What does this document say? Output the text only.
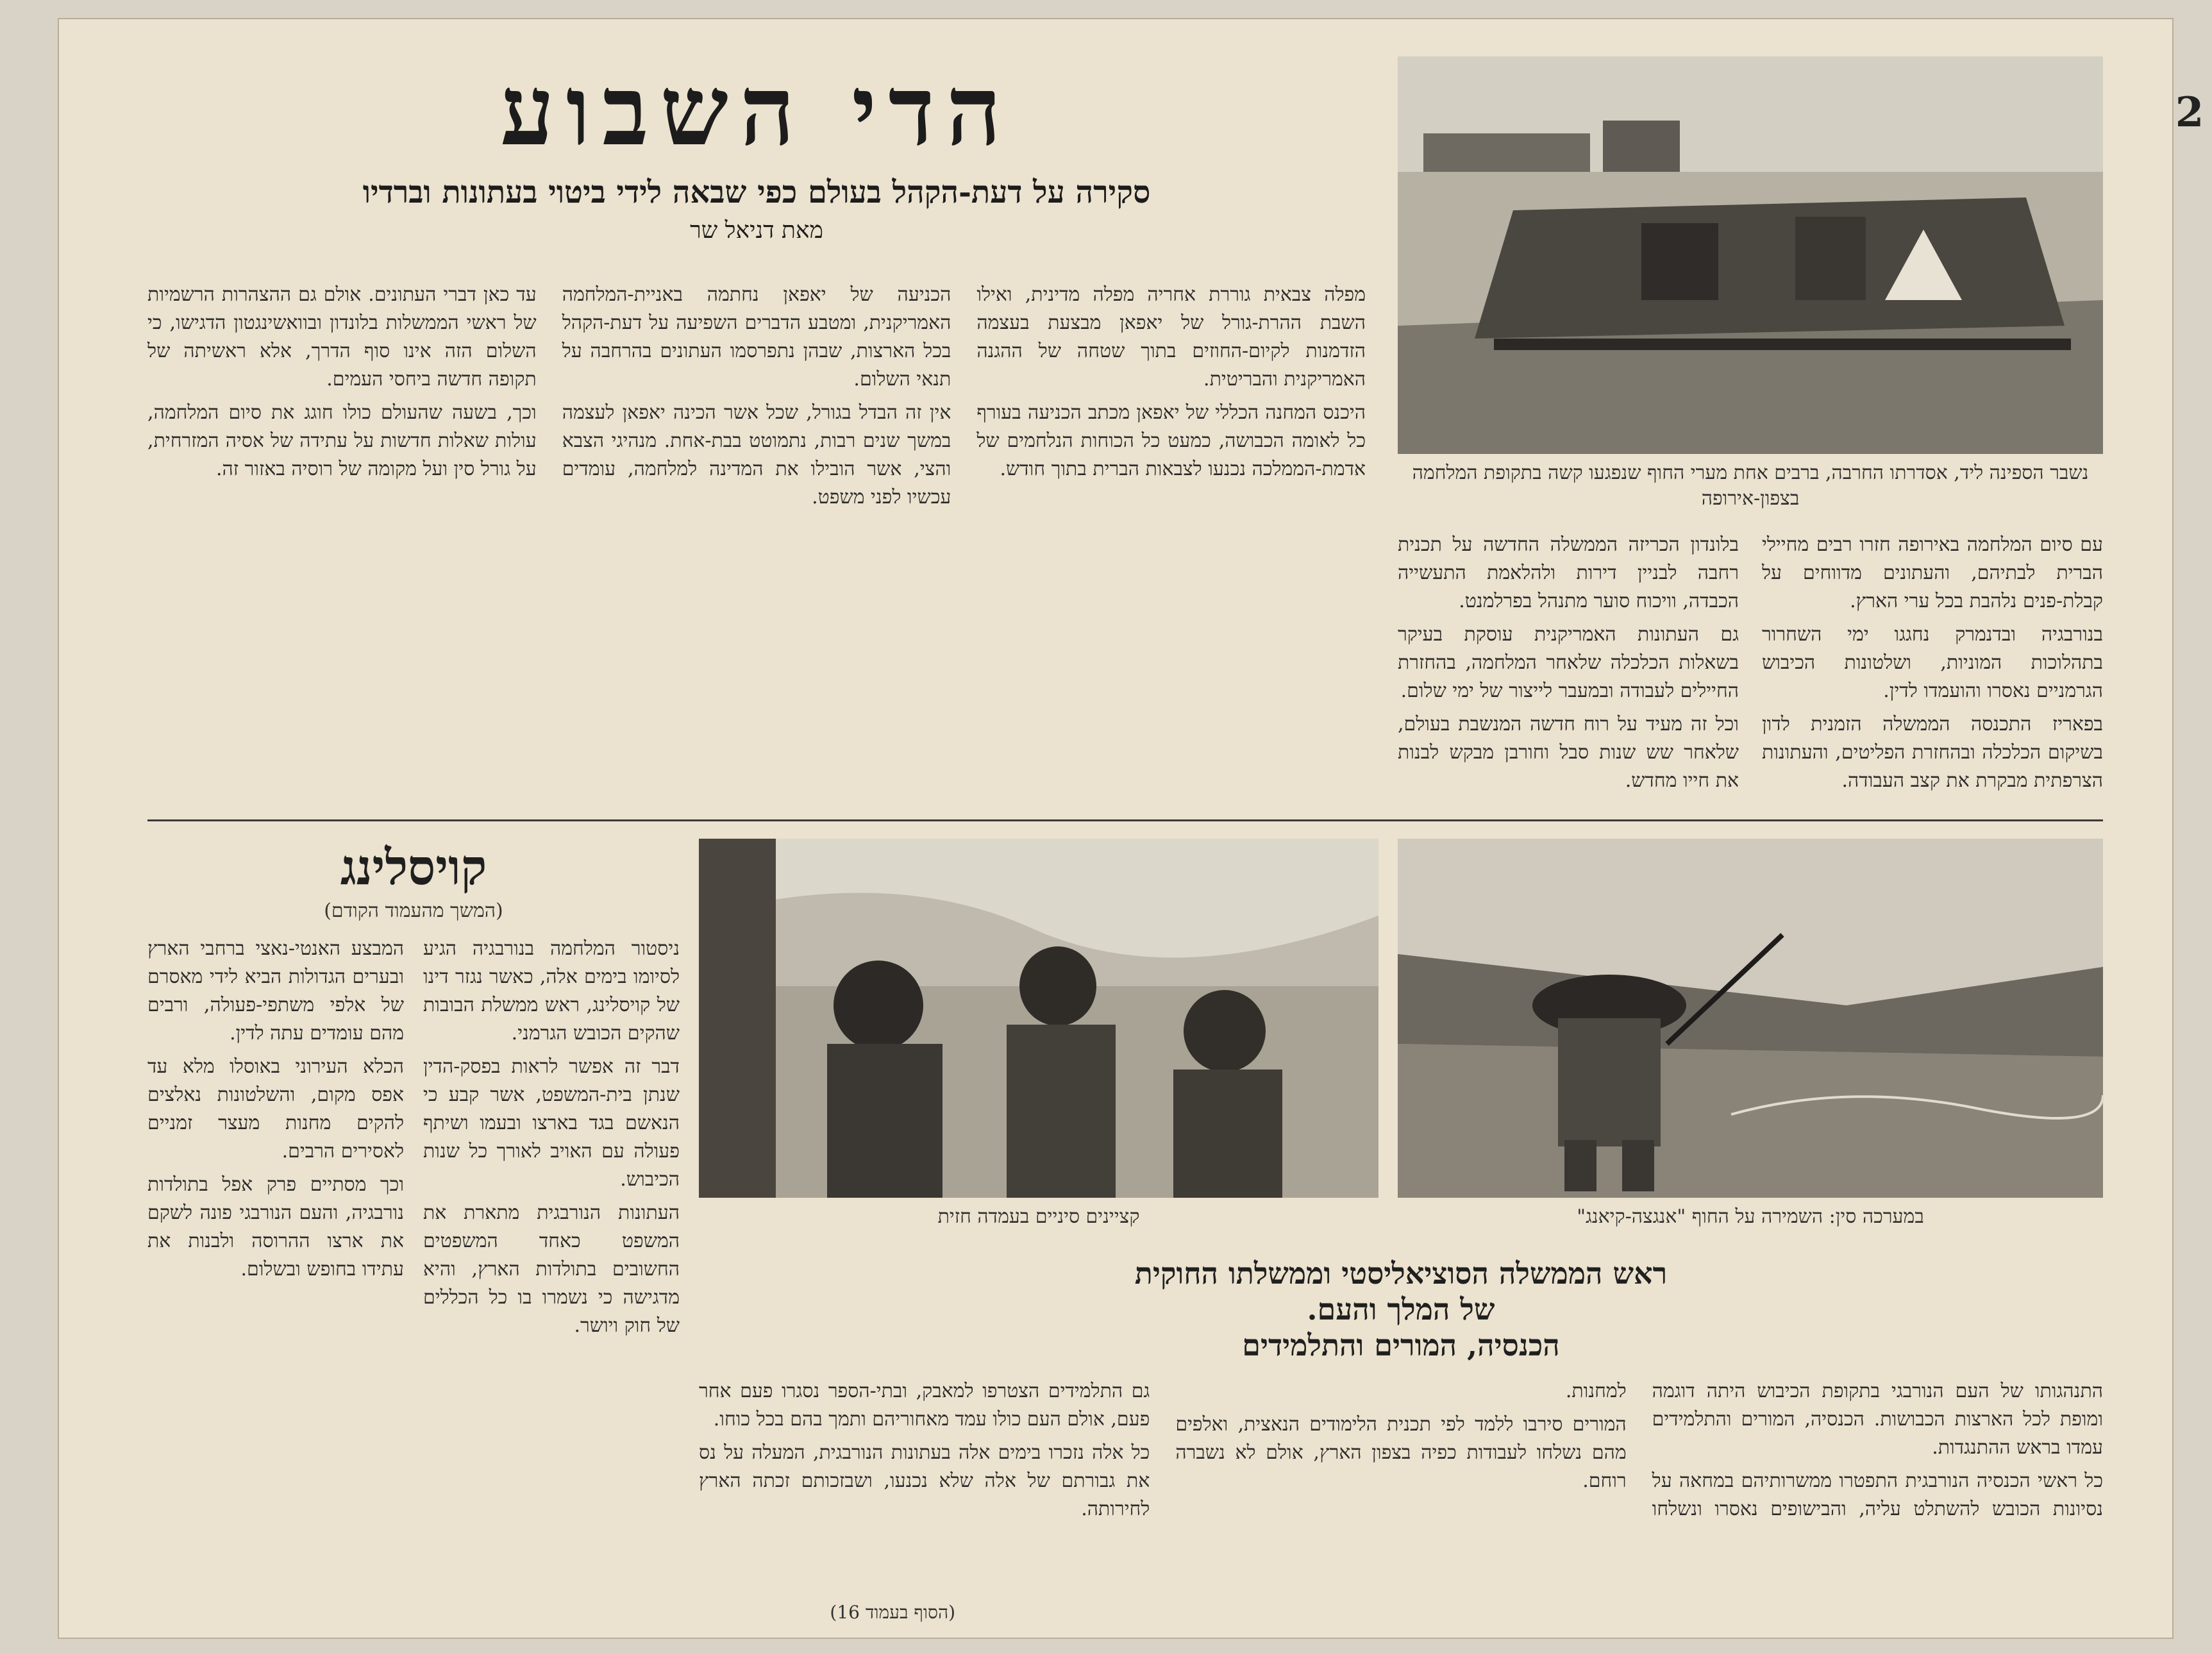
2
הדי השבוע
סקירה על דעת-הקהל בעולם כפי שבאה לידי ביטוי בעתונות וברדיו
מאת דניאל שר
נשבר הספינה ליד, אסדרתו החרבה, ברבים אחת מערי החוף שנפגעו קשה בתקופת המלחמה בצפון-אירופה
מפלה צבאית גוררת אחריה מפלה מדינית, ואילו השבת ההרת-גורל של יאפאן מבצעת בעצמה הזדמנות לקיום-החוזים בתוך שטחה של ההגנה האמריקנית והבריטית.
היכנס המחנה הכללי של יאפאן מכתב הכניעה בעורף כל לאומה הכבושה, כמעט כל הכוחות הנלחמים של אדמת-הממלכה נכנעו לצבאות הברית בתוך חודש.
הכניעה של יאפאן נחתמה באניית-המלחמה האמריקנית, ומטבע הדברים השפיעה על דעת-הקהל בכל הארצות, שבהן נתפרסמו העתונים בהרחבה על תנאי השלום.
אין זה הבדל בגורל, שכל אשר הכינה יאפאן לעצמה במשך שנים רבות, נתמוטט בבת-אחת. מנהיגי הצבא והצי, אשר הובילו את המדינה למלחמה, עומדים עכשיו לפני משפט.
עד כאן דברי העתונים. אולם גם ההצהרות הרשמיות של ראשי הממשלות בלונדון ובוואשינגטון הדגישו, כי השלום הזה אינו סוף הדרך, אלא ראשיתה של תקופה חדשה ביחסי העמים.
וכך, בשעה שהעולם כולו חוגג את סיום המלחמה, עולות שאלות חדשות על עתידה של אסיה המזרחית, על גורל סין ועל מקומה של רוסיה באזור זה.
עם סיום המלחמה באירופה חזרו רבים מחיילי הברית לבתיהם, והעתונים מדווחים על קבלת-פנים נלהבת בכל ערי הארץ.
בנורבגיה ובדנמרק נחגגו ימי השחרור בתהלוכות המוניות, ושלטונות הכיבוש הגרמניים נאסרו והועמדו לדין.
בפאריז התכנסה הממשלה הזמנית לדון בשיקום הכלכלה ובהחזרת הפליטים, והעתונות הצרפתית מבקרת את קצב העבודה.
בלונדון הכריזה הממשלה החדשה על תכנית רחבה לבניין דירות ולהלאמת התעשייה הכבדה, וויכוח סוער מתנהל בפרלמנט.
גם העתונות האמריקנית עוסקת בעיקר בשאלות הכלכלה שלאחר המלחמה, בהחזרת החיילים לעבודה ובמעבר לייצור של ימי שלום.
וכל זה מעיד על רוח חדשה המנשבת בעולם, שלאחר שש שנות סבל וחורבן מבקש לבנות את חייו מחדש.
במערכה סין: השמירה על החוף "אנגצה-קיאנג"
קציינים סיניים בעמדה חזית
קויסלינג
(המשך מהעמוד הקודם)
ניסטור המלחמה בנורבגיה הגיע לסיומו בימים אלה, כאשר נגזר דינו של קויסלינג, ראש ממשלת הבובות שהקים הכובש הגרמני.
דבר זה אפשר לראות בפסק-הדין שנתן בית-המשפט, אשר קבע כי הנאשם בגד בארצו ובעמו ושיתף פעולה עם האויב לאורך כל שנות הכיבוש.
העתונות הנורבגית מתארת את המשפט כאחד המשפטים החשובים בתולדות הארץ, והיא מדגישה כי נשמרו בו כל הכללים של חוק ויושר.
המבצע האנטי-נאצי ברחבי הארץ ובערים הגדולות הביא לידי מאסרם של אלפי משתפי-פעולה, ורבים מהם עומדים עתה לדין.
הכלא העירוני באוסלו מלא עד אפס מקום, והשלטונות נאלצים להקים מחנות מעצר זמניים לאסירים הרבים.
וכך מסתיים פרק אפל בתולדות נורבגיה, והעם הנורבגי פונה לשקם את ארצו ההרוסה ולבנות את עתידו בחופש ובשלום.	ראש הממשלה הסוציאליסטי וממשלתו החוקית
של המלך והעם.
הכנסיה, המורים והתלמידים
התנהגותו של העם הנורבגי בתקופת הכיבוש היתה דוגמה ומופת לכל הארצות הכבושות. הכנסיה, המורים והתלמידים עמדו בראש ההתנגדות.
כל ראשי הכנסיה הנורבגית התפטרו ממשרותיהם במחאה על נסיונות הכובש להשתלט עליה, והבישופים נאסרו ונשלחו למחנות.
המורים סירבו ללמד לפי תכנית הלימודים הנאצית, ואלפים מהם נשלחו לעבודות כפיה בצפון הארץ, אולם לא נשברה רוחם.
גם התלמידים הצטרפו למאבק, ובתי-הספר נסגרו פעם אחר פעם, אולם העם כולו עמד מאחוריהם ותמך בהם בכל כוחו.
כל אלה נזכרו בימים אלה בעתונות הנורבגית, המעלה על נס את גבורתם של אלה שלא נכנעו, ושבזכותם זכתה הארץ לחירותה.
(הסוף בעמוד 16)
